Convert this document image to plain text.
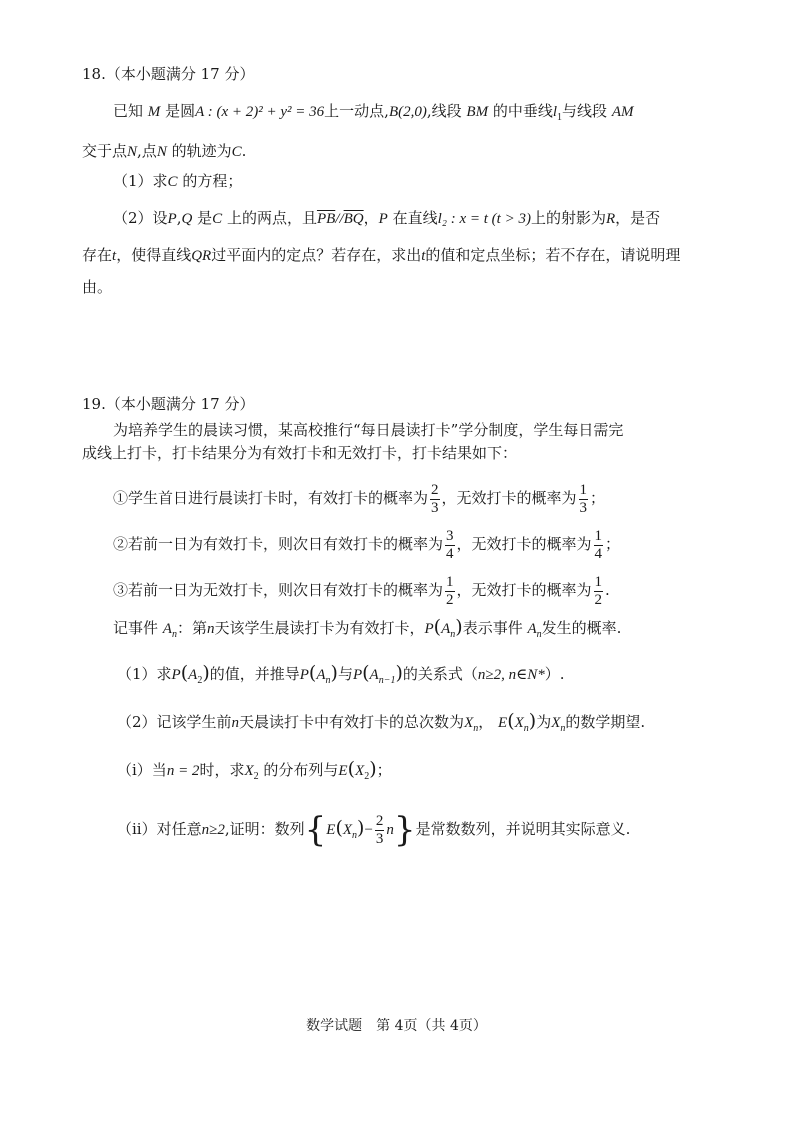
18.（本小题满分 17 分）
已知 M 是圆A : (x + 2)² + y² = 36上一动点,B(2,0),线段 BM 的中垂线$l_1$与线段 AM
交于点N,点N 的轨迹为C.
（1）求C 的方程；
（2）设P,Q 是C 上的两点，且$\overline{PB}//\overline{BQ}$，P 在直线l₂ : x = t (t > 3)上的射影为R，是否
存在t，使得直线QR过平面内的定点？若存在，求出t的值和定点坐标；若不存在，请说明理
由。
19.（本小题满分 17 分）
为培养学生的晨读习惯，某高校推行“每日晨读打卡”学分制度，学生每日需完
成线上打卡，打卡结果分为有效打卡和无效打卡，打卡结果如下：
①学生首日进行晨读打卡时，有效打卡的概率为 $\frac{2}{3}$ ，无效打卡的概率为 $\frac{1}{3}$ ；
②若前一日为有效打卡，则次日有效打卡的概率为 $\frac{3}{4}$ ，无效打卡的概率为 $\frac{1}{4}$ ；
③若前一日为无效打卡，则次日有效打卡的概率为 $\frac{1}{2}$ ，无效打卡的概率为 $\frac{1}{2}$ .
记事件 $A_n$：第n天该学生晨读打卡为有效打卡，$P(A_n)$表示事件 $A_n$发生的概率.
（1）求$P(A_2)$的值，并推导$P(A_n)$与$P(A_{n-1})$的关系式（n≥2, n∈N*）.
（2）记该学生前n天晨读打卡中有效打卡的总次数为$X_n$， $E(X_n)$为$X_n$的数学期望.
（i）当n = 2时，求$X_2$ 的分布列与$E(X_2)$；
（ii）对任意n≥2,证明：数列$\{E(X_n)- \frac{2}{3} n\}$是常数数列，并说明其实际意义.
数学试题　第 4页（共 4页）
